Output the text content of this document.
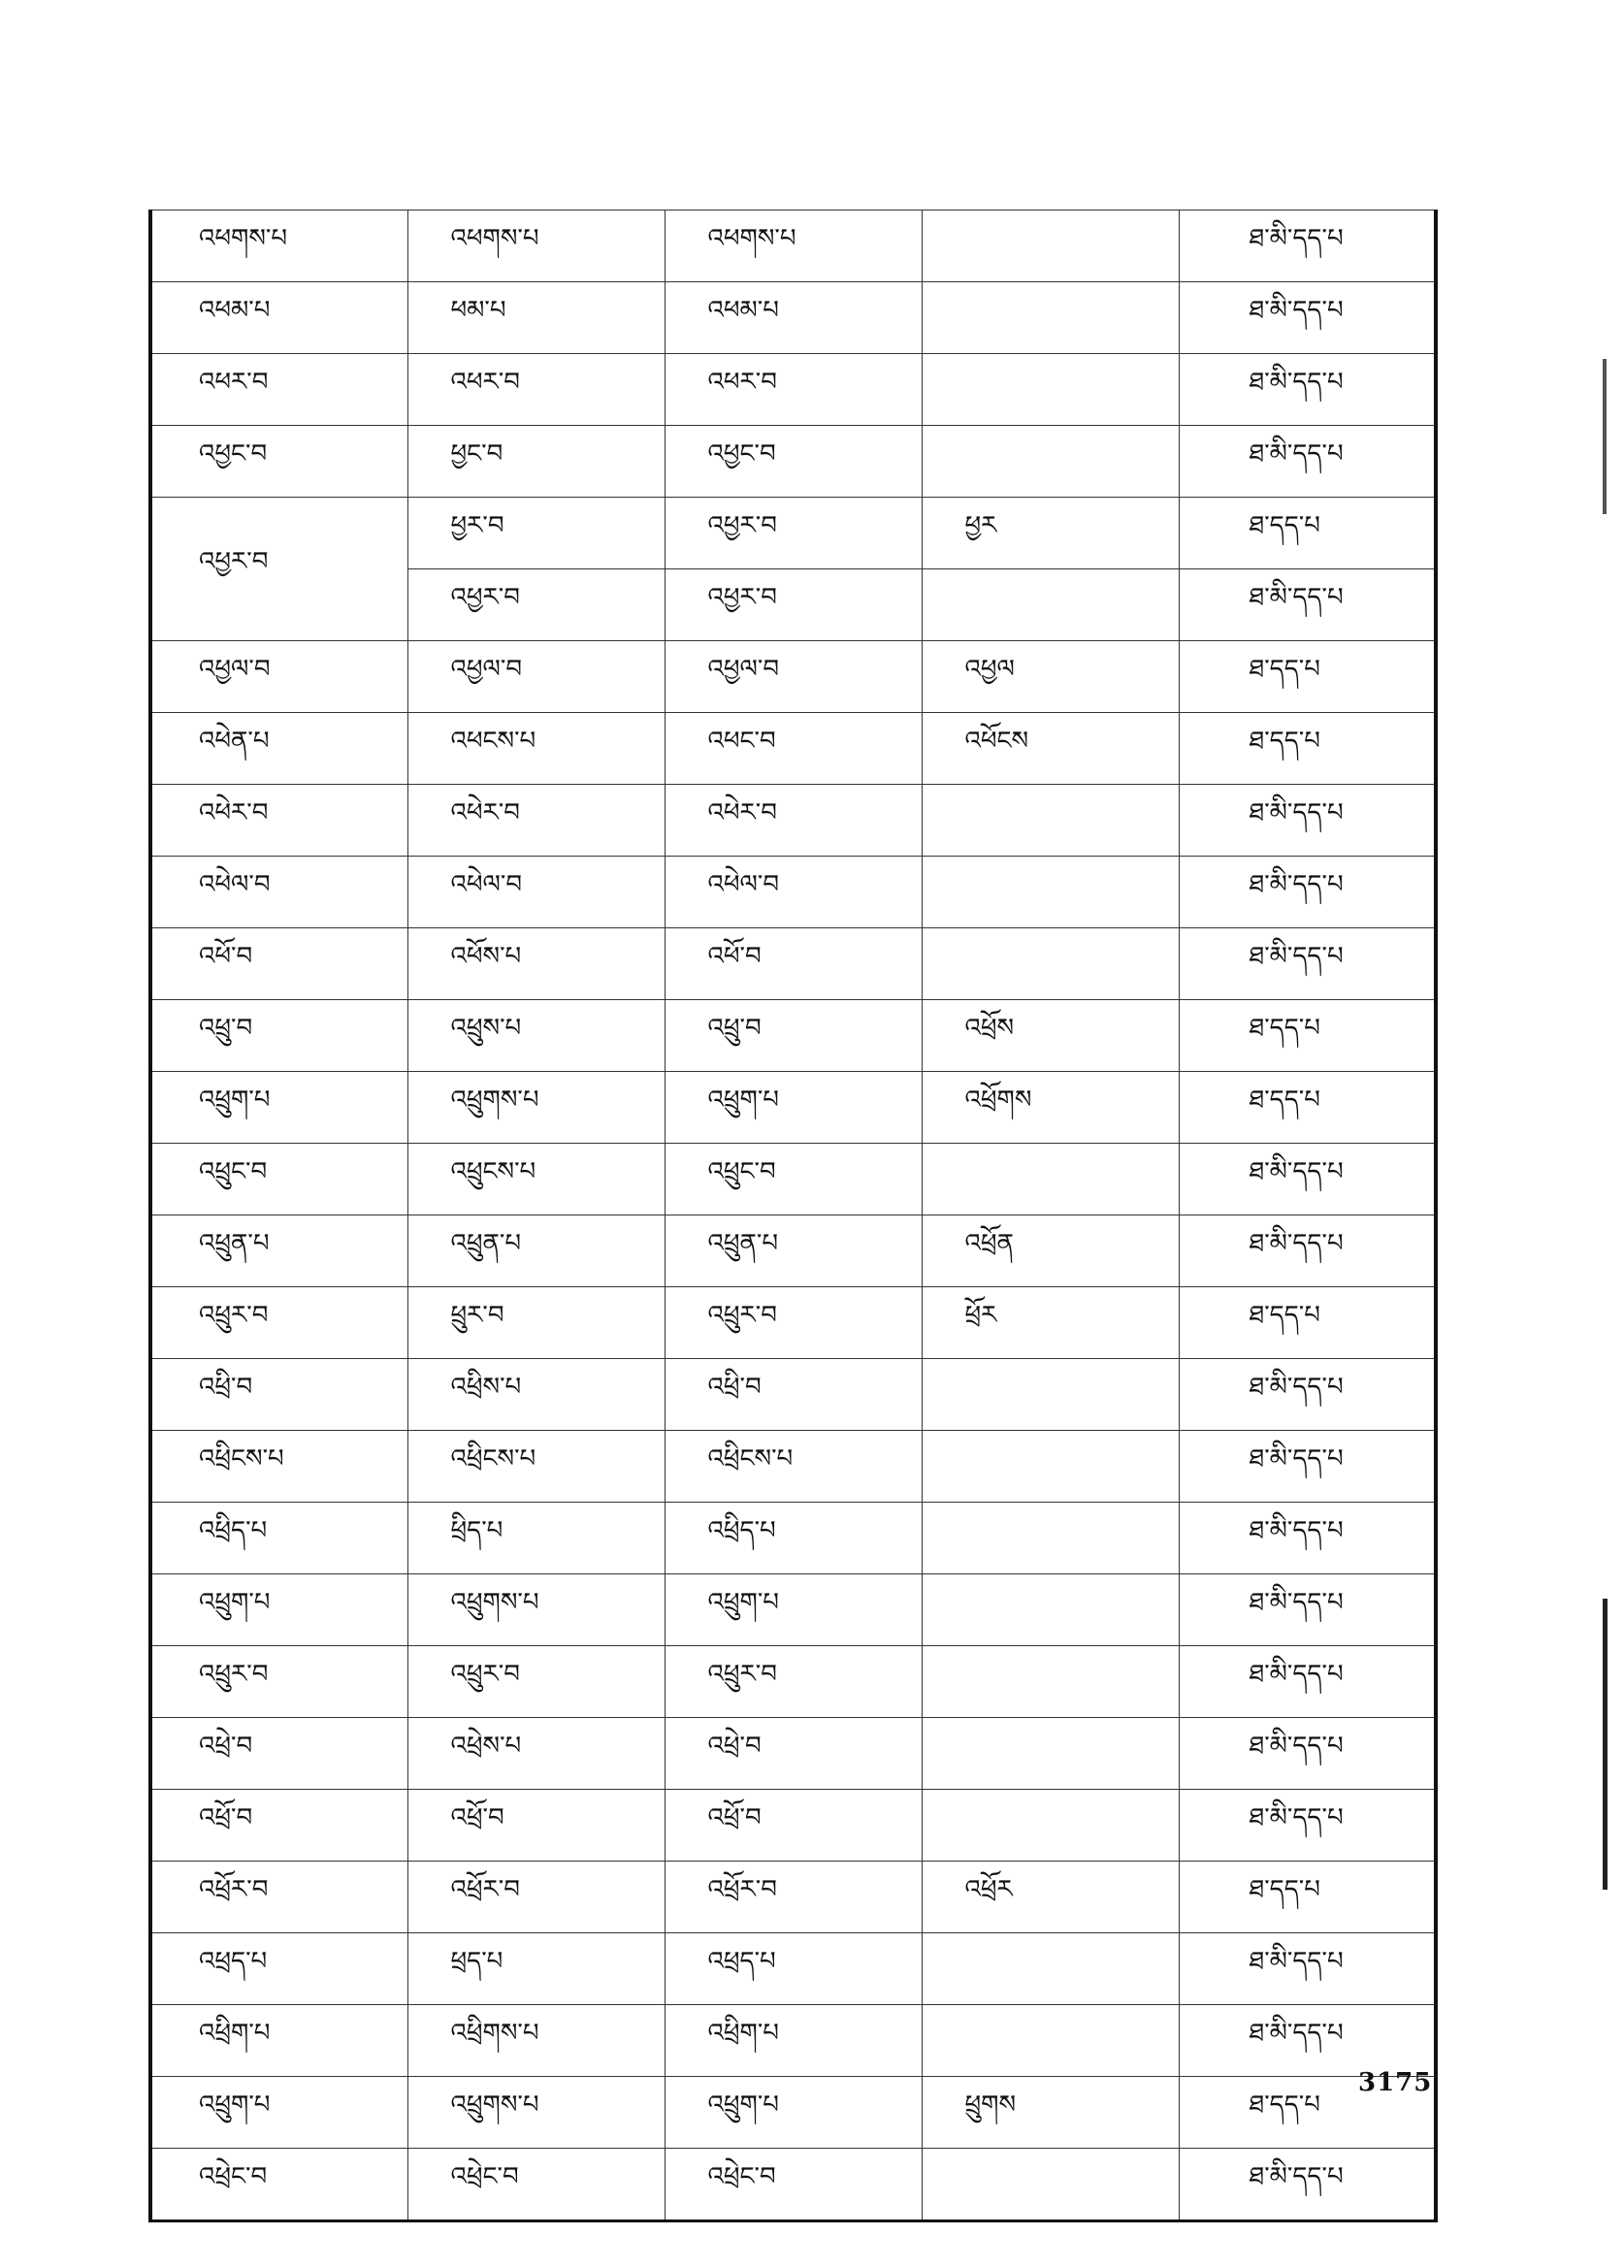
འཕགས་པ	འཕགས་པ	འཕགས་པ		ཐ་མི་དད་པ
འཕམ་པ	ཕམ་པ	འཕམ་པ		ཐ་མི་དད་པ
འཕར་བ	འཕར་བ	འཕར་བ		ཐ་མི་དད་པ
འཕྱང་བ	ཕྱང་བ	འཕྱང་བ		ཐ་མི་དད་པ
འཕྱར་བ	ཕྱར་བ	འཕྱར་བ	ཕྱར	ཐ་དད་པ
	འཕྱར་བ	འཕྱར་བ		ཐ་མི་དད་པ
འཕྱལ་བ	འཕྱལ་བ	འཕྱལ་བ	འཕྱལ	ཐ་དད་པ
འཕེན་པ	འཕངས་པ	འཕང་བ	འཕོངས	ཐ་དད་པ
འཕེར་བ	འཕེར་བ	འཕེར་བ		ཐ་མི་དད་པ
འཕེལ་བ	འཕེལ་བ	འཕེལ་བ		ཐ་མི་དད་པ
འཕོ་བ	འཕོས་པ	འཕོ་བ		ཐ་མི་དད་པ
འཕྲུ་བ	འཕྲུས་པ	འཕྲུ་བ	འཕྲོས	ཐ་དད་པ
འཕྲུག་པ	འཕྲུགས་པ	འཕྲུག་པ	འཕྲོགས	ཐ་དད་པ
འཕྲུང་བ	འཕྲུངས་པ	འཕྲུང་བ		ཐ་མི་དད་པ
འཕྲུན་པ	འཕྲུན་པ	འཕྲུན་པ	འཕྲོན	ཐ་མི་དད་པ
འཕྲུར་བ	ཕྲུར་བ	འཕྲུར་བ	ཕྲོར	ཐ་དད་པ
འཕྲི་བ	འཕྲིས་པ	འཕྲི་བ		ཐ་མི་དད་པ
འཕྲིངས་པ	འཕྲིངས་པ	འཕྲིངས་པ		ཐ་མི་དད་པ
འཕྲིད་པ	ཕྲིད་པ	འཕྲིད་པ		ཐ་མི་དད་པ
འཕྲུག་པ	འཕྲུགས་པ	འཕྲུག་པ		ཐ་མི་དད་པ
འཕྲུར་བ	འཕྲུར་བ	འཕྲུར་བ		ཐ་མི་དད་པ
འཕྲེ་བ	འཕྲེས་པ	འཕྲེ་བ		ཐ་མི་དད་པ
འཕྲོ་བ	འཕྲོ་བ	འཕྲོ་བ		ཐ་མི་དད་པ
འཕྲོར་བ	འཕྲོར་བ	འཕྲོར་བ	འཕྲོར	ཐ་དད་པ
འཕྲད་པ	ཕྲད་པ	འཕྲད་པ		ཐ་མི་དད་པ
འཕྲིག་པ	འཕྲིགས་པ	འཕྲིག་པ		ཐ་མི་དད་པ
འཕྲུག་པ	འཕྲུགས་པ	འཕྲུག་པ	ཕྲུགས	ཐ་དད་པ
འཕྲེང་བ	འཕྲེང་བ	འཕྲེང་བ		ཐ་མི་དད་པ
3175
